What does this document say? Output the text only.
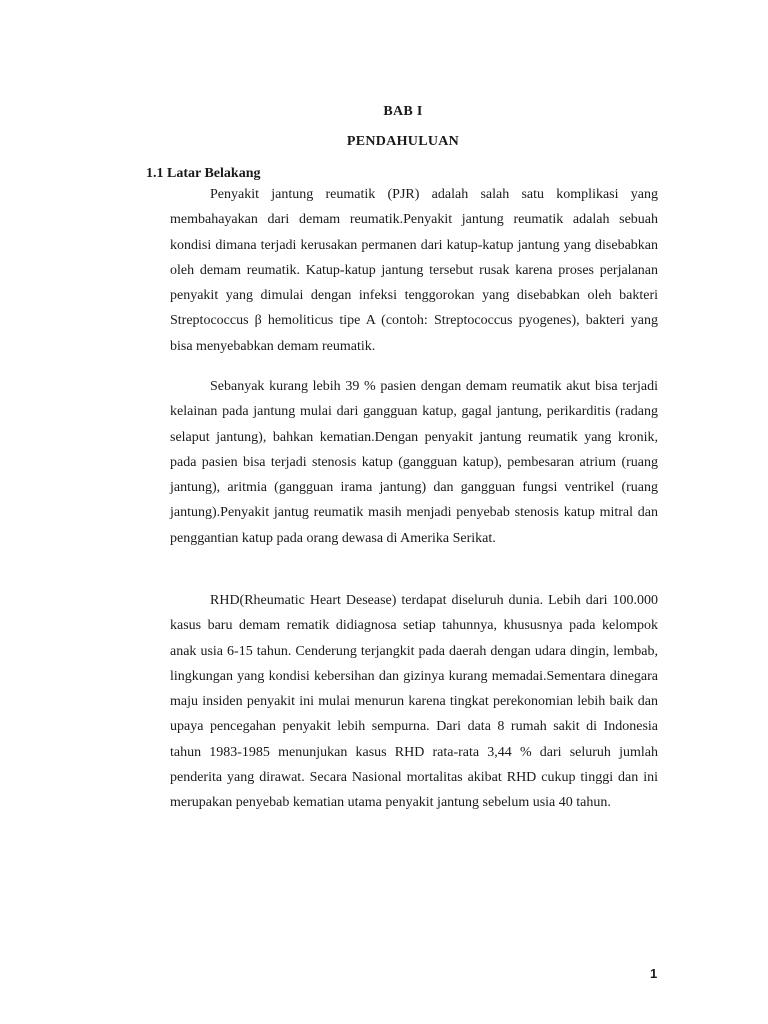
BAB I
PENDAHULUAN
1.1 Latar Belakang

Penyakit jantung reumatik (PJR) adalah salah satu komplikasi yang membahayakan dari demam reumatik.Penyakit jantung reumatik adalah sebuah kondisi dimana terjadi kerusakan permanen dari katup-katup jantung yang disebabkan oleh demam reumatik. Katup-katup jantung tersebut rusak karena proses perjalanan penyakit yang dimulai dengan infeksi tenggorokan yang disebabkan oleh bakteri Streptococcus β hemoliticus tipe A (contoh: Streptococcus pyogenes), bakteri yang bisa menyebabkan demam reumatik.

Sebanyak kurang lebih 39 % pasien dengan demam reumatik akut bisa terjadi kelainan pada jantung mulai dari gangguan katup, gagal jantung, perikarditis (radang selaput jantung), bahkan kematian.Dengan penyakit jantung reumatik yang kronik, pada pasien bisa terjadi stenosis katup (gangguan katup), pembesaran atrium (ruang jantung), aritmia (gangguan irama jantung) dan gangguan fungsi ventrikel (ruang jantung).Penyakit jantug reumatik masih menjadi penyebab stenosis katup mitral dan penggantian katup pada orang dewasa di Amerika Serikat.

RHD(Rheumatic Heart Desease) terdapat diseluruh dunia. Lebih dari 100.000 kasus baru demam rematik didiagnosa setiap tahunnya, khususnya pada kelompok anak usia 6-15 tahun. Cenderung terjangkit pada daerah dengan udara dingin, lembab, lingkungan yang kondisi kebersihan dan gizinya kurang memadai.Sementara dinegara maju insiden penyakit ini mulai menurun karena tingkat perekonomian lebih baik dan upaya pencegahan penyakit lebih sempurna. Dari data 8 rumah sakit di Indonesia tahun 1983-1985 menunjukan kasus RHD rata-rata 3,44 % dari seluruh jumlah penderita yang dirawat. Secara Nasional mortalitas akibat RHD cukup tinggi dan ini merupakan penyebab kematian utama penyakit jantung sebelum usia 40 tahun.

1
